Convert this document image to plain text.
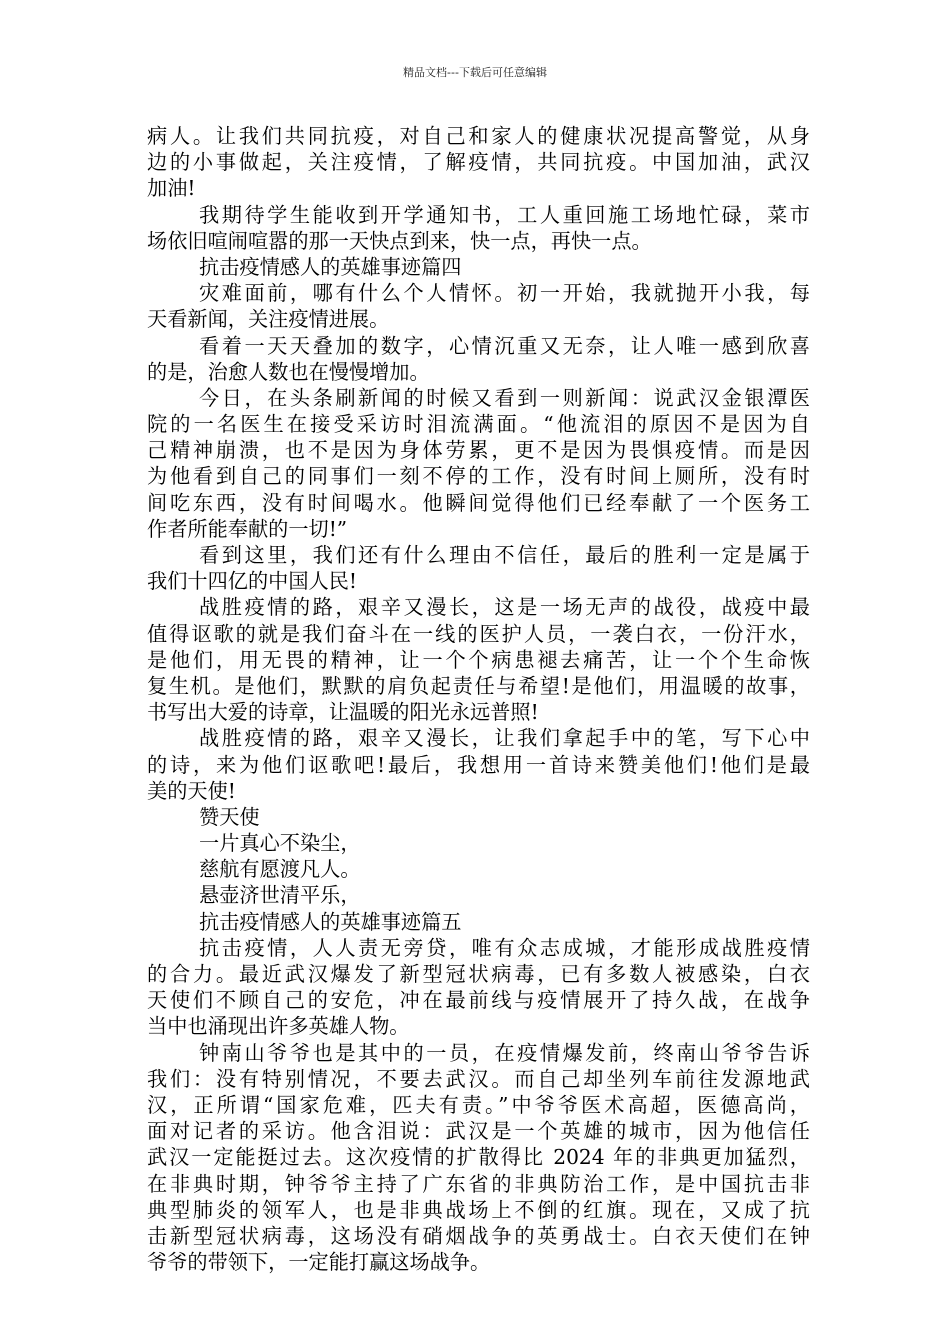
精品文档---下载后可任意编辑
病人。让我们共同抗疫，对自己和家人的健康状况提高警觉，从身
边的小事做起，关注疫情，了解疫情，共同抗疫。中国加油，武汉
加油!
我期待学生能收到开学通知书，工人重回施工场地忙碌，菜市
场依旧喧闹喧嚣的那一天快点到来，快一点，再快一点。
抗击疫情感人的英雄事迹篇四
灾难面前，哪有什么个人情怀。初一开始，我就抛开小我，每
天看新闻，关注疫情进展。
看着一天天叠加的数字，心情沉重又无奈，让人唯一感到欣喜
的是，治愈人数也在慢慢增加。
今日，在头条刷新闻的时候又看到一则新闻：说武汉金银潭医
院的一名医生在接受采访时泪流满面。“他流泪的原因不是因为自
己精神崩溃，也不是因为身体劳累，更不是因为畏惧疫情。而是因
为他看到自己的同事们一刻不停的工作，没有时间上厕所，没有时
间吃东西，没有时间喝水。他瞬间觉得他们已经奉献了一个医务工
作者所能奉献的一切!”
看到这里，我们还有什么理由不信任，最后的胜利一定是属于
我们十四亿的中国人民!
战胜疫情的路，艰辛又漫长，这是一场无声的战役，战疫中最
值得讴歌的就是我们奋斗在一线的医护人员，一袭白衣，一份汗水，
是他们，用无畏的精神，让一个个病患褪去痛苦，让一个个生命恢
复生机。是他们，默默的肩负起责任与希望!是他们，用温暖的故事，
书写出大爱的诗章，让温暖的阳光永远普照!
战胜疫情的路，艰辛又漫长，让我们拿起手中的笔，写下心中
的诗，来为他们讴歌吧!最后，我想用一首诗来赞美他们!他们是最
美的天使!
赞天使
一片真心不染尘，
慈航有愿渡凡人。
悬壶济世清平乐，
抗击疫情感人的英雄事迹篇五
抗击疫情，人人责无旁贷，唯有众志成城，才能形成战胜疫情
的合力。最近武汉爆发了新型冠状病毒，已有多数人被感染，白衣
天使们不顾自己的安危，冲在最前线与疫情展开了持久战，在战争
当中也涌现出许多英雄人物。
钟南山爷爷也是其中的一员，在疫情爆发前，终南山爷爷告诉
我们：没有特别情况，不要去武汉。而自己却坐列车前往发源地武
汉，正所谓“国家危难，匹夫有责。”中爷爷医术高超，医德高尚，
面对记者的采访。他含泪说：武汉是一个英雄的城市，因为他信任
武汉一定能挺过去。这次疫情的扩散得比 2024 年的非典更加猛烈，
在非典时期，钟爷爷主持了广东省的非典防治工作，是中国抗击非
典型肺炎的领军人，也是非典战场上不倒的红旗。现在，又成了抗
击新型冠状病毒，这场没有硝烟战争的英勇战士。白衣天使们在钟
爷爷的带领下，一定能打赢这场战争。
